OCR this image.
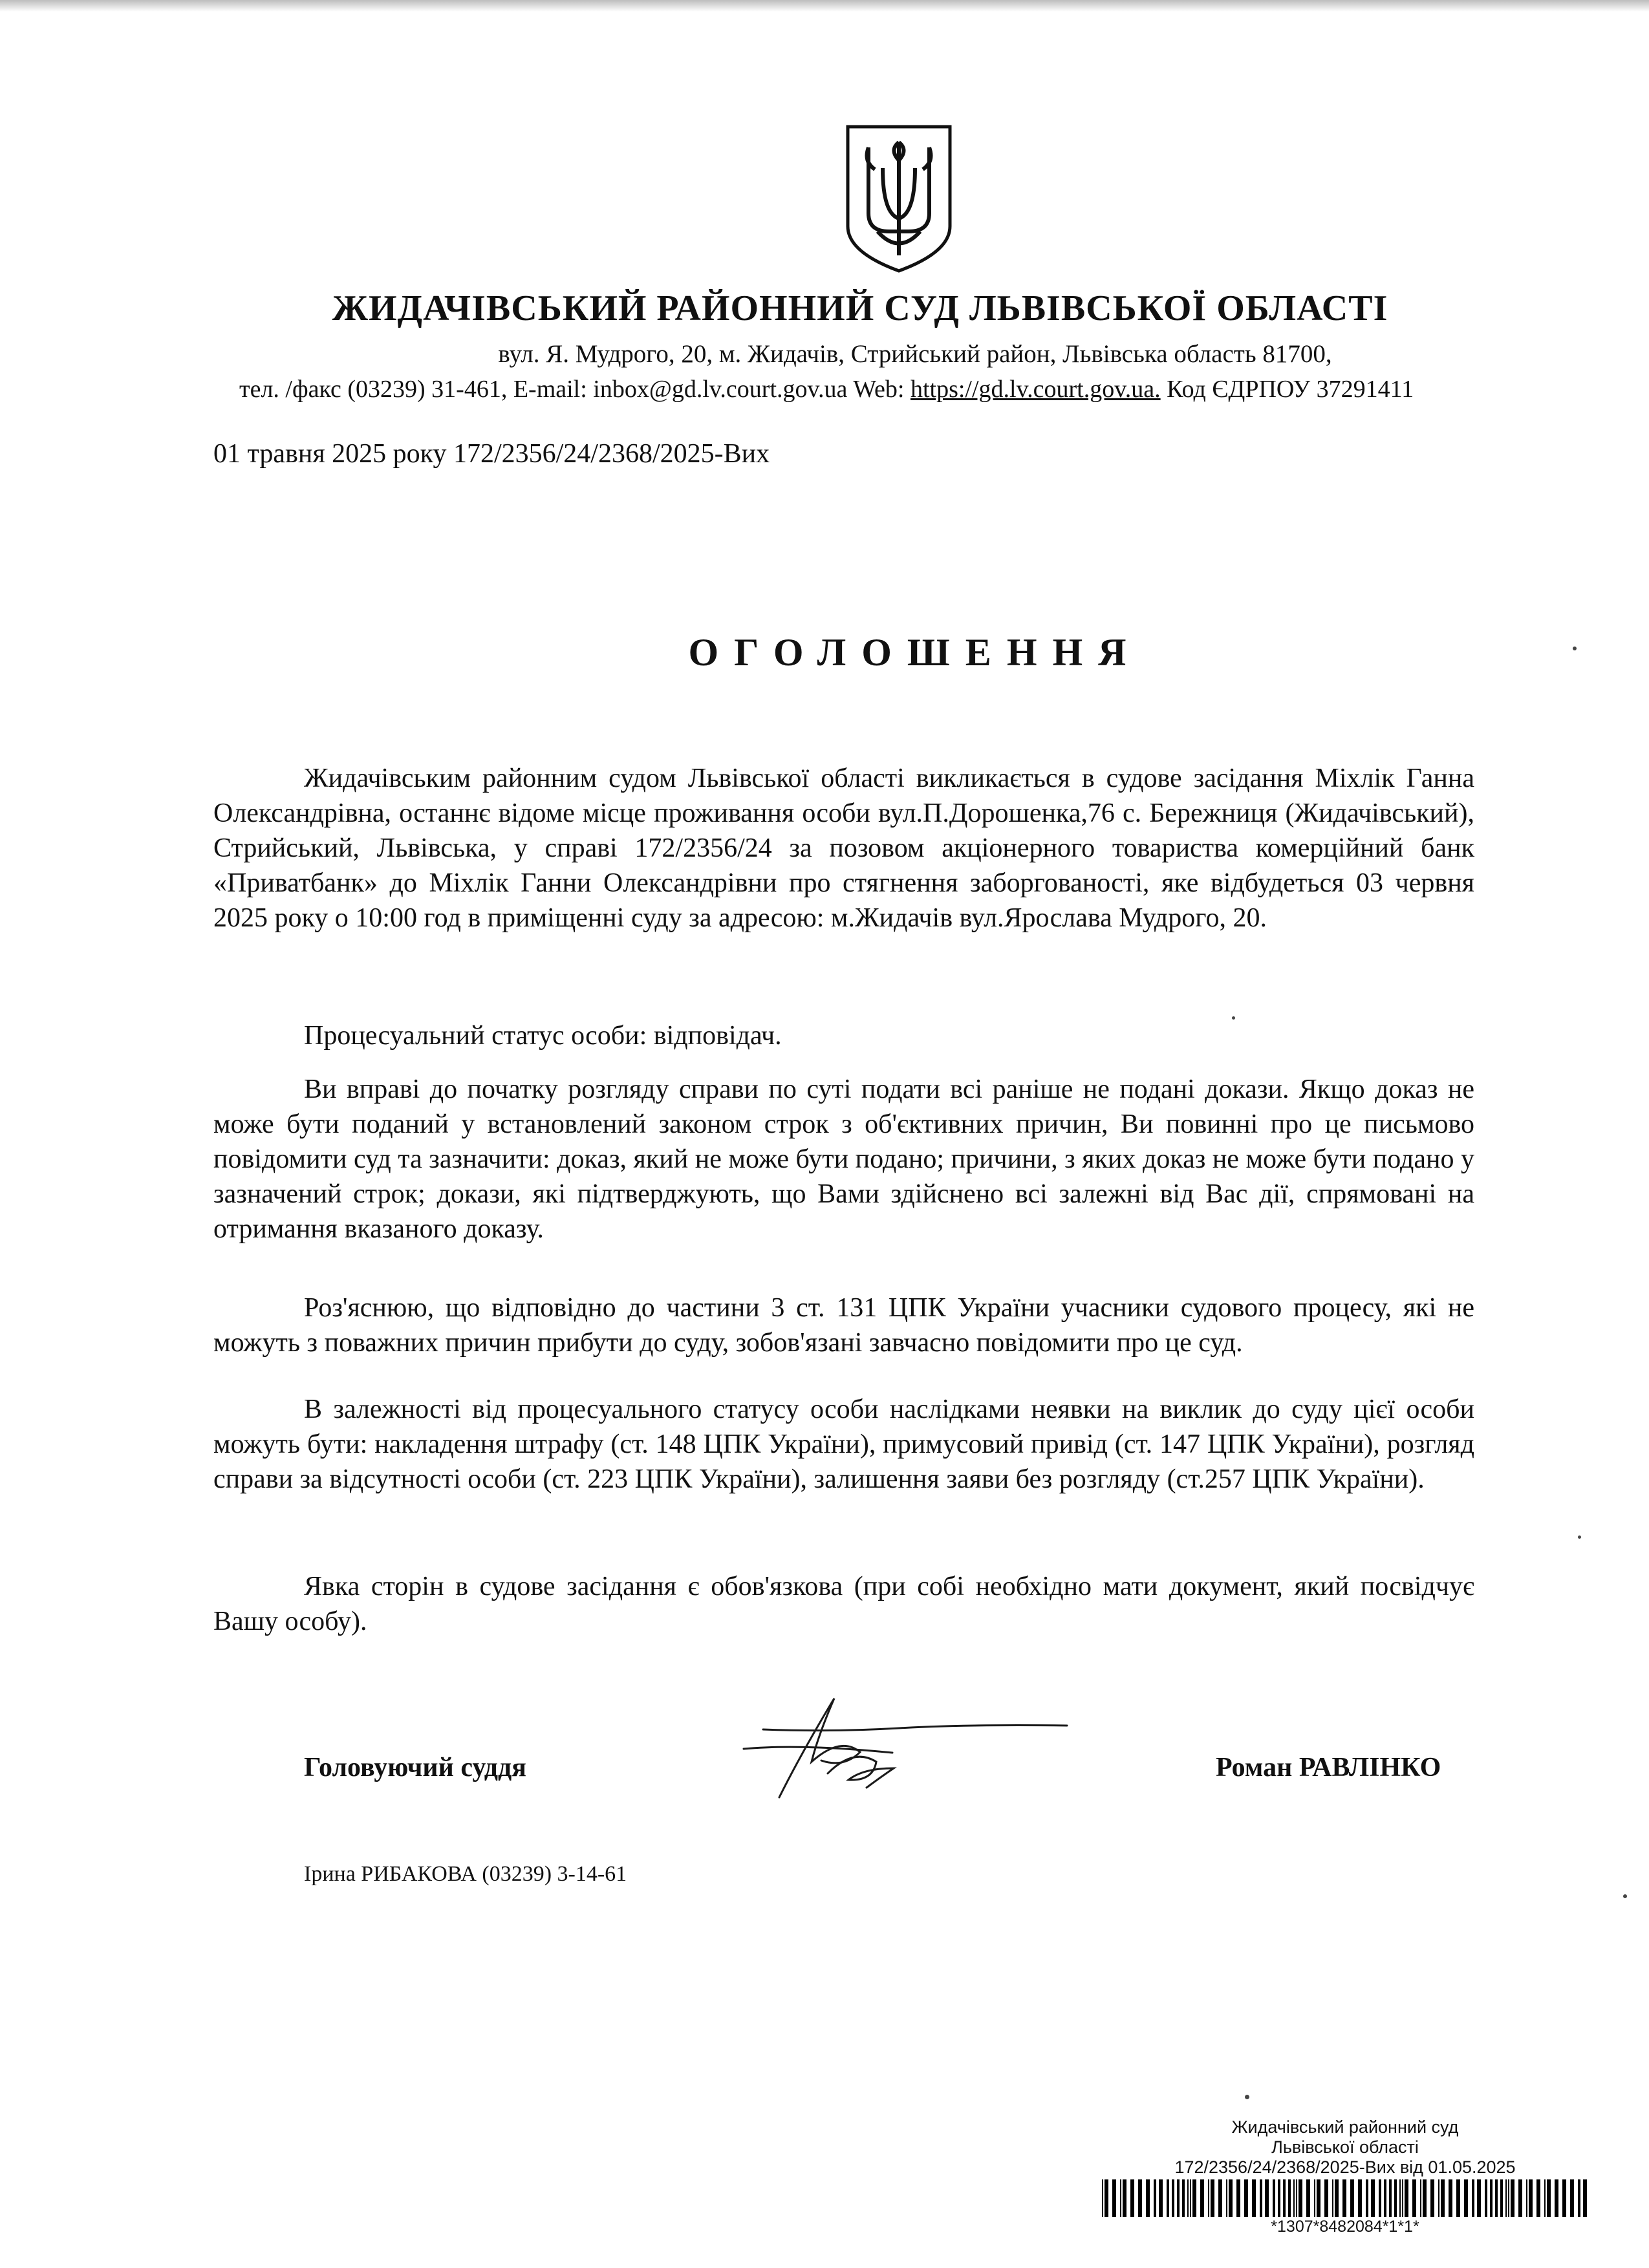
ЖИДАЧІВСЬКИЙ РАЙОННИЙ СУД ЛЬВІВСЬКОЇ ОБЛАСТІ
вул. Я. Мудрого, 20, м. Жидачів, Стрийський район, Львівська область 81700,
тел. /факс (03239) 31-461, E-mail: inbox@gd.lv.court.gov.ua Web: https://gd.lv.court.gov.ua. Код ЄДРПОУ 37291411
01 травня 2025 року 172/2356/24/2368/2025-Вих
ОГОЛОШЕННЯ

Жидачівським районним судом Львівської області викликається в судове засідання Міхлік Ганна Олександрівна, останнє відоме місце проживання особи вул.П.Дорошенка,76 с. Бережниця (Жидачівський), Стрийський, Львівська, у справі 172/2356/24 за позовом акціонерного товариства комерційний банк «Приватбанк» до Міхлік Ганни Олександрівни про стягнення заборгованості, яке відбудеться 03 червня 2025 року о 10:00 год в приміщенні суду за адресою: м.Жидачів вул.Ярослава Мудрого, 20.

Процесуальний статус особи: відповідач.

Ви вправі до початку розгляду справи по суті подати всі раніше не подані докази. Якщо доказ не може бути поданий у встановлений законом строк з об'єктивних причин, Ви повинні про це письмово повідомити суд та зазначити: доказ, який не може бути подано; причини, з яких доказ не може бути подано у зазначений строк; докази, які підтверджують, що Вами здійснено всі залежні від Вас дії, спрямовані на отримання вказаного доказу.

Роз'яснюю, що відповідно до частини 3 ст. 131 ЦПК України учасники судового процесу, які не можуть з поважних причин прибути до суду, зобов'язані завчасно повідомити про це суд.

В залежності від процесуального статусу особи наслідками неявки на виклик до суду цієї особи можуть бути: накладення штрафу (ст. 148 ЦПК України), примусовий привід (ст. 147 ЦПК України), розгляд справи за відсутності особи (ст. 223 ЦПК України), залишення заяви без розгляду (ст.257 ЦПК України).

Явка сторін в судове засідання є обов'язкова (при собі необхідно мати документ, який посвідчує Вашу особу).

Головуючий суддя	Роман РАВЛІНКО
Ірина РИБАКОВА (03239) 3-14-61
Жидачівський районний суд
Львівської області
172/2356/24/2368/2025-Вих від 01.05.2025
*1307*8482084*1*1*
